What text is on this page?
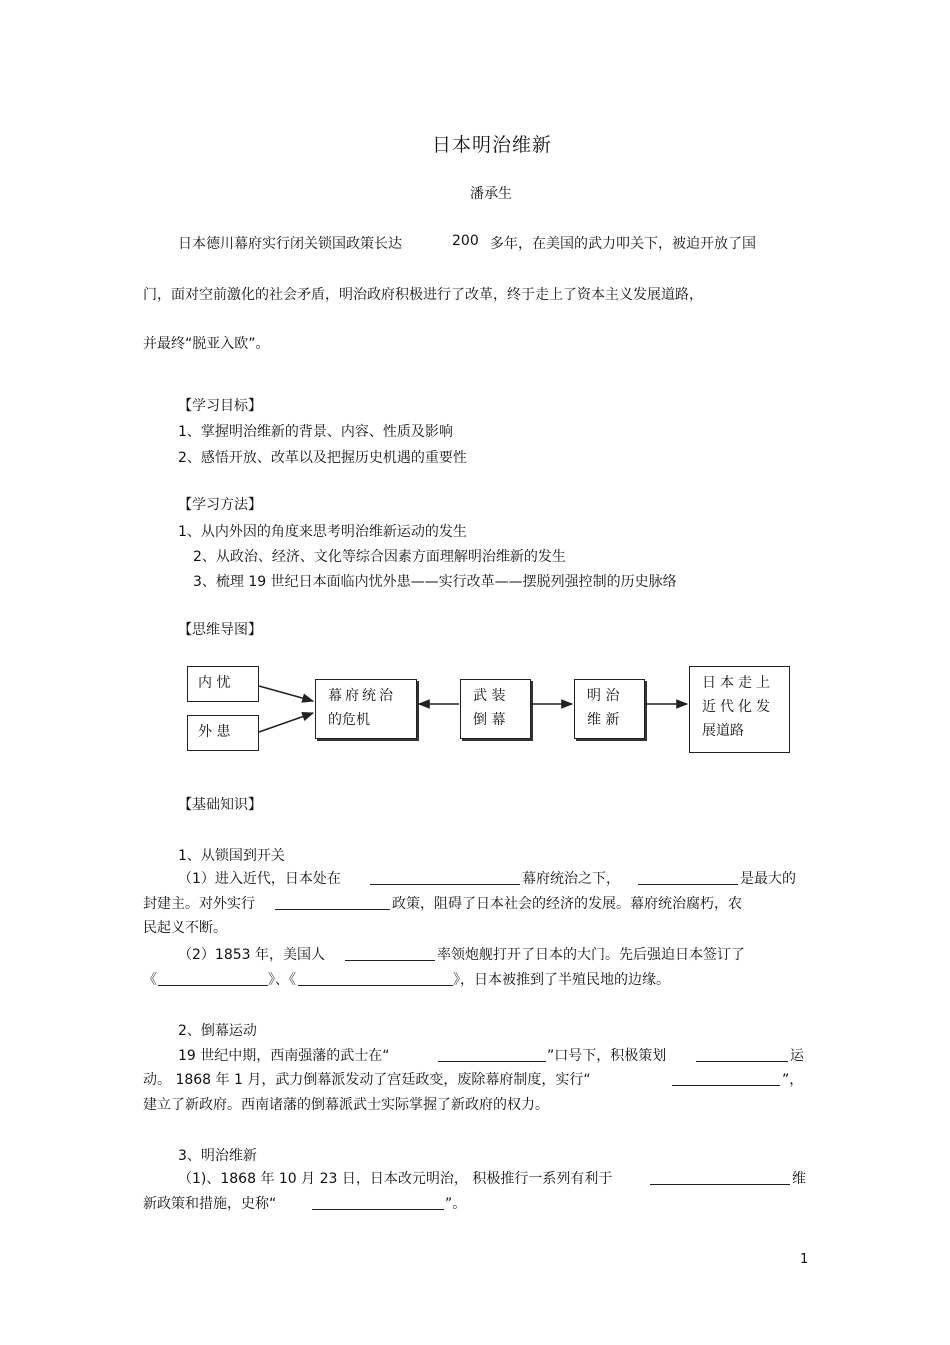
日本明治维新
潘承生
日本德川幕府实行闭关锁国政策长达	200 多年，在美国的武力叩关下，被迫开放了国
门，面对空前激化的社会矛盾，明治政府积极进行了改革，终于走上了资本主义发展道路，
并最终“脱亚入欧”。
【学习目标】
1、掌握明治维新的背景、内容、性质及影响
2、感悟开放、改革以及把握历史机遇的重要性
【学习方法】
1、从内外因的角度来思考明治维新运动的发生
2、从政治、经济、文化等综合因素方面理解明治维新的发生
3、梳理 19 世纪日本面临内忧外患——实行改革——摆脱列强控制的历史脉络
【思维导图】
内 忧
外 患
幕府统治
的危机
武 装
倒 幕
明 治
维 新
日本走上
近代化发
展道路
【基础知识】
1、从锁国到开关
（1）进入近代，日本处在	幕府统治之下，	是最大的
封建主。对外实行	政策，阻碍了日本社会的经济的发展。幕府统治腐朽，农
民起义不断。
（2）1853 年，美国人	率领炮舰打开了日本的大门。先后强迫日本签订了
《	》、《	》，日本被推到了半殖民地的边缘。
2、倒幕运动
19 世纪中期，西南强藩的武士在“	”口号下，积极策划	运
动。 1868 年 1 月，武力倒幕派发动了宫廷政变，废除幕府制度，实行“	”，
建立了新政府。西南诸藩的倒幕派武士实际掌握了新政府的权力。
3、明治维新
（1)、1868 年 10 月 23 日，日本改元明治， 积极推行一系列有利于	维
新政策和措施，史称“	”。
1
